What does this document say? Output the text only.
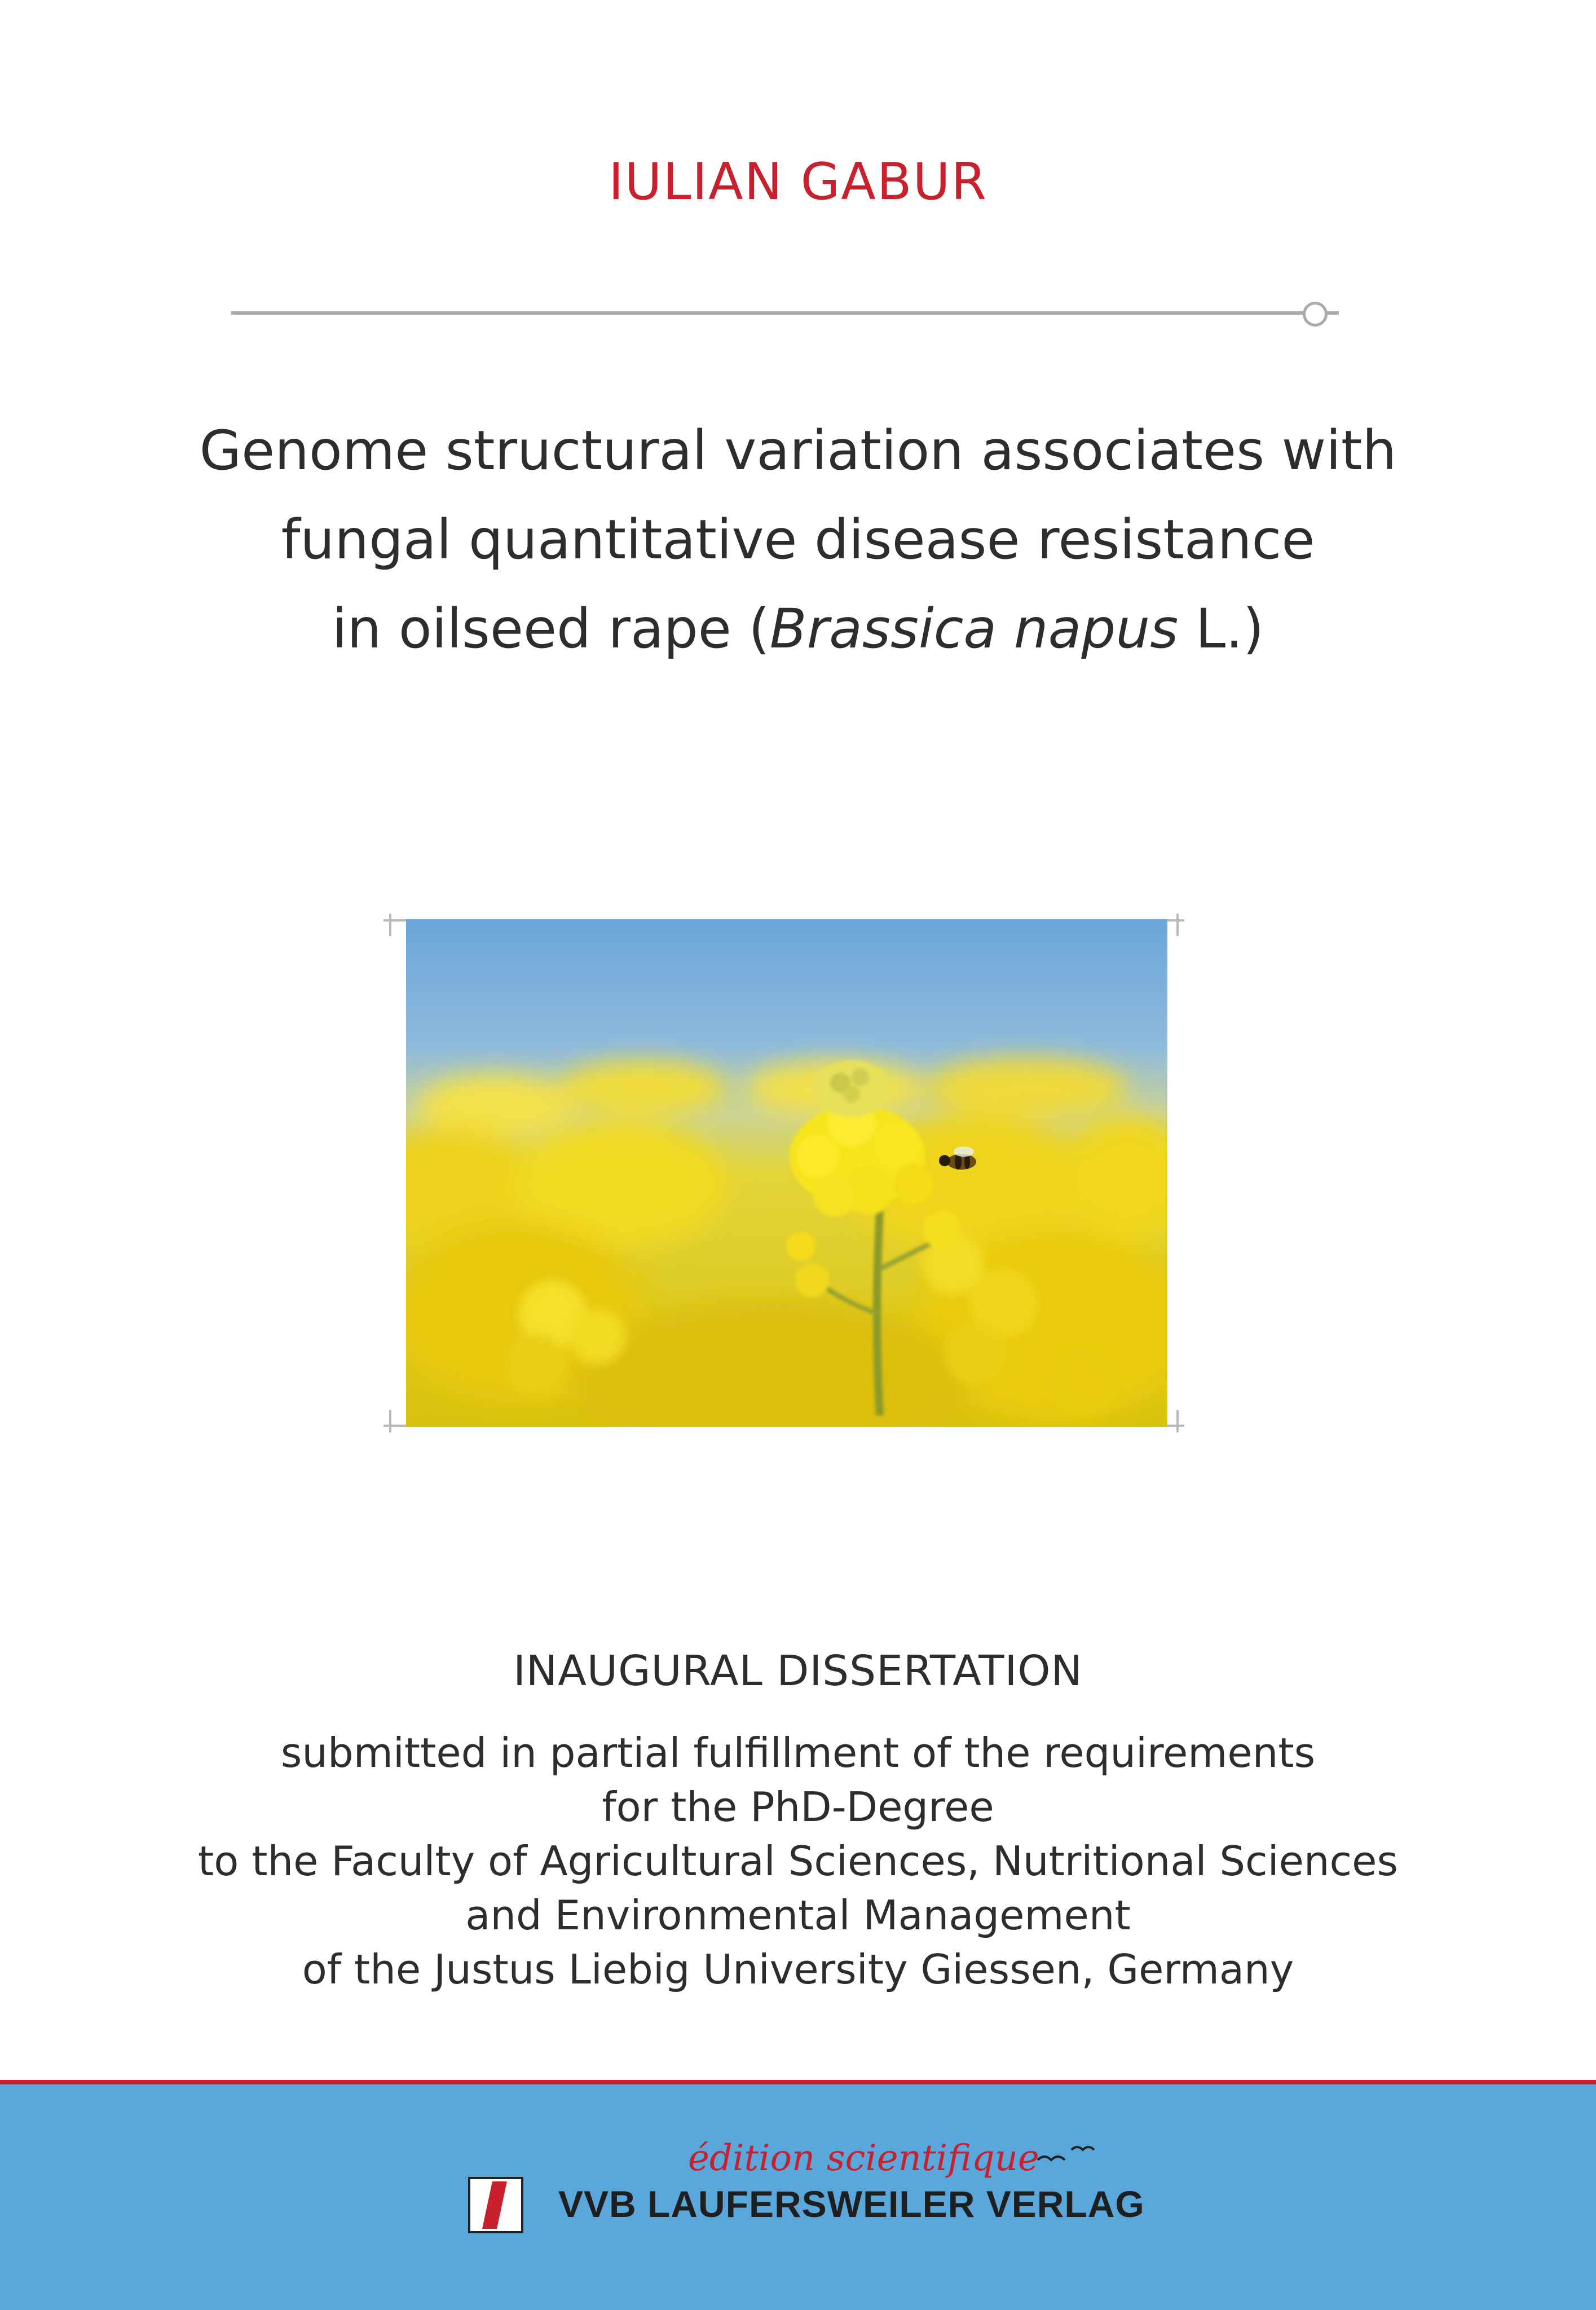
IULIAN GABUR
Genome structural variation associates with
fungal quantitative disease resistance
in oilseed rape (Brassica napus L.)
INAUGURAL DISSERTATION
submitted in partial fulfillment of the requirements
for the PhD-Degree
to the Faculty of Agricultural Sciences, Nutritional Sciences
and Environmental Management
of the Justus Liebig University Giessen, Germany
édition scientifique
VVB LAUFERSWEILER VERLAG
